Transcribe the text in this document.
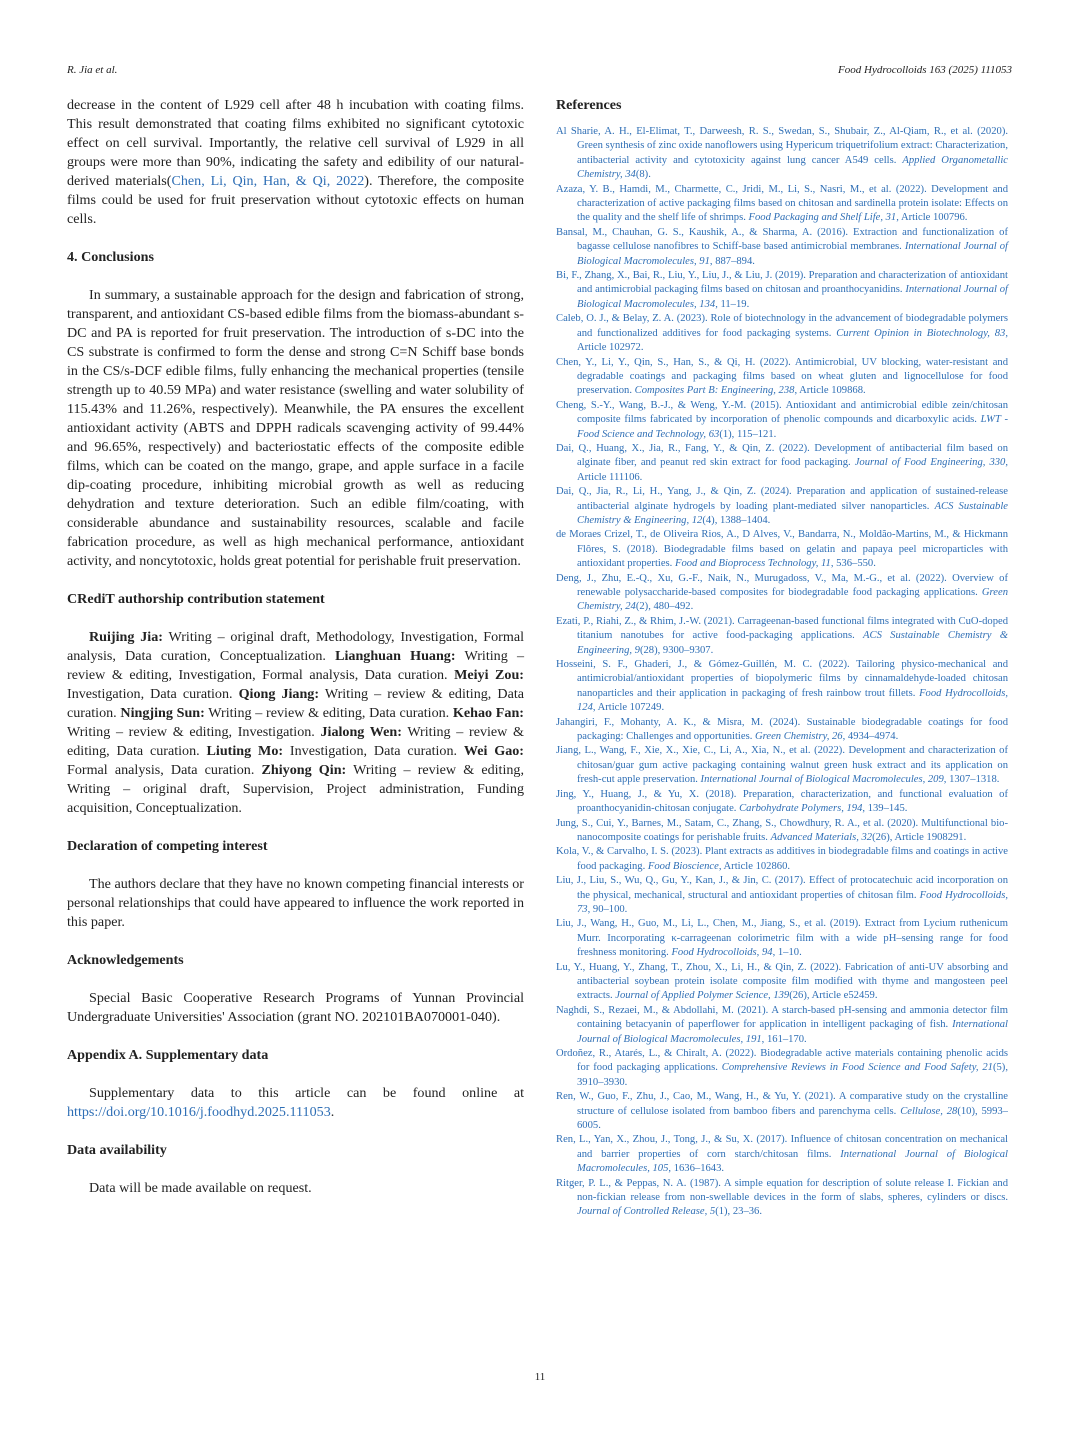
R. Jia et al.	Food Hydrocolloids 163 (2025) 111053

decrease in the content of L929 cell after 48 h incubation with coating films. This result demonstrated that coating films exhibited no significant cytotoxic effect on cell survival. Importantly, the relative cell survival of L929 in all groups were more than 90%, indicating the safety and edibility of our natural-derived materials(Chen, Li, Qin, Han, & Qi, 2022). Therefore, the composite films could be used for fruit preservation without cytotoxic effects on human cells.

4. Conclusions

In summary, a sustainable approach for the design and fabrication of strong, transparent, and antioxidant CS-based edible films from the biomass-abundant s-DC and PA is reported for fruit preservation. The introduction of s-DC into the CS substrate is confirmed to form the dense and strong C=N Schiff base bonds in the CS/s-DCF edible films, fully enhancing the mechanical properties (tensile strength up to 40.59 MPa) and water resistance (swelling and water solubility of 115.43% and 11.26%, respectively). Meanwhile, the PA ensures the excellent antioxidant activity (ABTS and DPPH radicals scavenging activity of 99.44% and 96.65%, respectively) and bacteriostatic effects of the composite edible films, which can be coated on the mango, grape, and apple surface in a facile dip-coating procedure, inhibiting microbial growth as well as reducing dehydration and texture deterioration. Such an edible film/coating, with considerable abundance and sustainability resources, scalable and facile fabrication procedure, as well as high mechanical performance, antioxidant activity, and noncytotoxic, holds great potential for perishable fruit preservation.

CRediT authorship contribution statement

Ruijing Jia: Writing – original draft, Methodology, Investigation, Formal analysis, Data curation, Conceptualization. Lianghuan Huang: Writing – review & editing, Investigation, Formal analysis, Data curation. Meiyi Zou: Investigation, Data curation. Qiong Jiang: Writing – review & editing, Data curation. Ningjing Sun: Writing – review & editing, Data curation. Kehao Fan: Writing – review & editing, Investigation. Jialong Wen: Writing – review & editing, Data curation. Liuting Mo: Investigation, Data curation. Wei Gao: Formal analysis, Data curation. Zhiyong Qin: Writing – review & editing, Writing – original draft, Supervision, Project administration, Funding acquisition, Conceptualization.

Declaration of competing interest

The authors declare that they have no known competing financial interests or personal relationships that could have appeared to influence the work reported in this paper.

Acknowledgements

Special Basic Cooperative Research Programs of Yunnan Provincial Undergraduate Universities' Association (grant NO. 202101BA070001-040).

Appendix A. Supplementary data

Supplementary data to this article can be found online at https://doi.org/10.1016/j.foodhyd.2025.111053.

Data availability

Data will be made available on request.

References

Al Sharie, A. H., El-Elimat, T., Darweesh, R. S., Swedan, S., Shubair, Z., Al-Qiam, R., et al. (2020). Green synthesis of zinc oxide nanoflowers using Hypericum triquetrifolium extract: Characterization, antibacterial activity and cytotoxicity against lung cancer A549 cells. Applied Organometallic Chemistry, 34(8).

Azaza, Y. B., Hamdi, M., Charmette, C., Jridi, M., Li, S., Nasri, M., et al. (2022). Development and characterization of active packaging films based on chitosan and sardinella protein isolate: Effects on the quality and the shelf life of shrimps. Food Packaging and Shelf Life, 31, Article 100796.

Bansal, M., Chauhan, G. S., Kaushik, A., & Sharma, A. (2016). Extraction and functionalization of bagasse cellulose nanofibres to Schiff-base based antimicrobial membranes. International Journal of Biological Macromolecules, 91, 887–894.

Bi, F., Zhang, X., Bai, R., Liu, Y., Liu, J., & Liu, J. (2019). Preparation and characterization of antioxidant and antimicrobial packaging films based on chitosan and proanthocyanidins. International Journal of Biological Macromolecules, 134, 11–19.

Caleb, O. J., & Belay, Z. A. (2023). Role of biotechnology in the advancement of biodegradable polymers and functionalized additives for food packaging systems. Current Opinion in Biotechnology, 83, Article 102972.

Chen, Y., Li, Y., Qin, S., Han, S., & Qi, H. (2022). Antimicrobial, UV blocking, water-resistant and degradable coatings and packaging films based on wheat gluten and lignocellulose for food preservation. Composites Part B: Engineering, 238, Article 109868.

Cheng, S.-Y., Wang, B.-J., & Weng, Y.-M. (2015). Antioxidant and antimicrobial edible zein/chitosan composite films fabricated by incorporation of phenolic compounds and dicarboxylic acids. LWT - Food Science and Technology, 63(1), 115–121.

Dai, Q., Huang, X., Jia, R., Fang, Y., & Qin, Z. (2022). Development of antibacterial film based on alginate fiber, and peanut red skin extract for food packaging. Journal of Food Engineering, 330, Article 111106.

Dai, Q., Jia, R., Li, H., Yang, J., & Qin, Z. (2024). Preparation and application of sustained-release antibacterial alginate hydrogels by loading plant-mediated silver nanoparticles. ACS Sustainable Chemistry & Engineering, 12(4), 1388–1404.

de Moraes Crizel, T., de Oliveira Rios, A., D Alves, V., Bandarra, N., Moldão-Martins, M., & Hickmann Flôres, S. (2018). Biodegradable films based on gelatin and papaya peel microparticles with antioxidant properties. Food and Bioprocess Technology, 11, 536–550.

Deng, J., Zhu, E.-Q., Xu, G.-F., Naik, N., Murugadoss, V., Ma, M.-G., et al. (2022). Overview of renewable polysaccharide-based composites for biodegradable food packaging applications. Green Chemistry, 24(2), 480–492.

Ezati, P., Riahi, Z., & Rhim, J.-W. (2021). Carrageenan-based functional films integrated with CuO-doped titanium nanotubes for active food-packaging applications. ACS Sustainable Chemistry & Engineering, 9(28), 9300–9307.

Hosseini, S. F., Ghaderi, J., & Gómez-Guillén, M. C. (2022). Tailoring physico-mechanical and antimicrobial/antioxidant properties of biopolymeric films by cinnamaldehyde-loaded chitosan nanoparticles and their application in packaging of fresh rainbow trout fillets. Food Hydrocolloids, 124, Article 107249.

Jahangiri, F., Mohanty, A. K., & Misra, M. (2024). Sustainable biodegradable coatings for food packaging: Challenges and opportunities. Green Chemistry, 26, 4934–4974.

Jiang, L., Wang, F., Xie, X., Xie, C., Li, A., Xia, N., et al. (2022). Development and characterization of chitosan/guar gum active packaging containing walnut green husk extract and its application on fresh-cut apple preservation. International Journal of Biological Macromolecules, 209, 1307–1318.

Jing, Y., Huang, J., & Yu, X. (2018). Preparation, characterization, and functional evaluation of proanthocyanidin-chitosan conjugate. Carbohydrate Polymers, 194, 139–145.

Jung, S., Cui, Y., Barnes, M., Satam, C., Zhang, S., Chowdhury, R. A., et al. (2020). Multifunctional bio-nanocomposite coatings for perishable fruits. Advanced Materials, 32(26), Article 1908291.

Kola, V., & Carvalho, I. S. (2023). Plant extracts as additives in biodegradable films and coatings in active food packaging. Food Bioscience, Article 102860.

Liu, J., Liu, S., Wu, Q., Gu, Y., Kan, J., & Jin, C. (2017). Effect of protocatechuic acid incorporation on the physical, mechanical, structural and antioxidant properties of chitosan film. Food Hydrocolloids, 73, 90–100.

Liu, J., Wang, H., Guo, M., Li, L., Chen, M., Jiang, S., et al. (2019). Extract from Lycium ruthenicum Murr. Incorporating κ-carrageenan colorimetric film with a wide pH–sensing range for food freshness monitoring. Food Hydrocolloids, 94, 1–10.

Lu, Y., Huang, Y., Zhang, T., Zhou, X., Li, H., & Qin, Z. (2022). Fabrication of anti-UV absorbing and antibacterial soybean protein isolate composite film modified with thyme and mangosteen peel extracts. Journal of Applied Polymer Science, 139(26), Article e52459.

Naghdi, S., Rezaei, M., & Abdollahi, M. (2021). A starch-based pH-sensing and ammonia detector film containing betacyanin of paperflower for application in intelligent packaging of fish. International Journal of Biological Macromolecules, 191, 161–170.

Ordoñez, R., Atarés, L., & Chiralt, A. (2022). Biodegradable active materials containing phenolic acids for food packaging applications. Comprehensive Reviews in Food Science and Food Safety, 21(5), 3910–3930.

Ren, W., Guo, F., Zhu, J., Cao, M., Wang, H., & Yu, Y. (2021). A comparative study on the crystalline structure of cellulose isolated from bamboo fibers and parenchyma cells. Cellulose, 28(10), 5993–6005.

Ren, L., Yan, X., Zhou, J., Tong, J., & Su, X. (2017). Influence of chitosan concentration on mechanical and barrier properties of corn starch/chitosan films. International Journal of Biological Macromolecules, 105, 1636–1643.

Ritger, P. L., & Peppas, N. A. (1987). A simple equation for description of solute release I. Fickian and non-fickian release from non-swellable devices in the form of slabs, spheres, cylinders or discs. Journal of Controlled Release, 5(1), 23–36.

11
